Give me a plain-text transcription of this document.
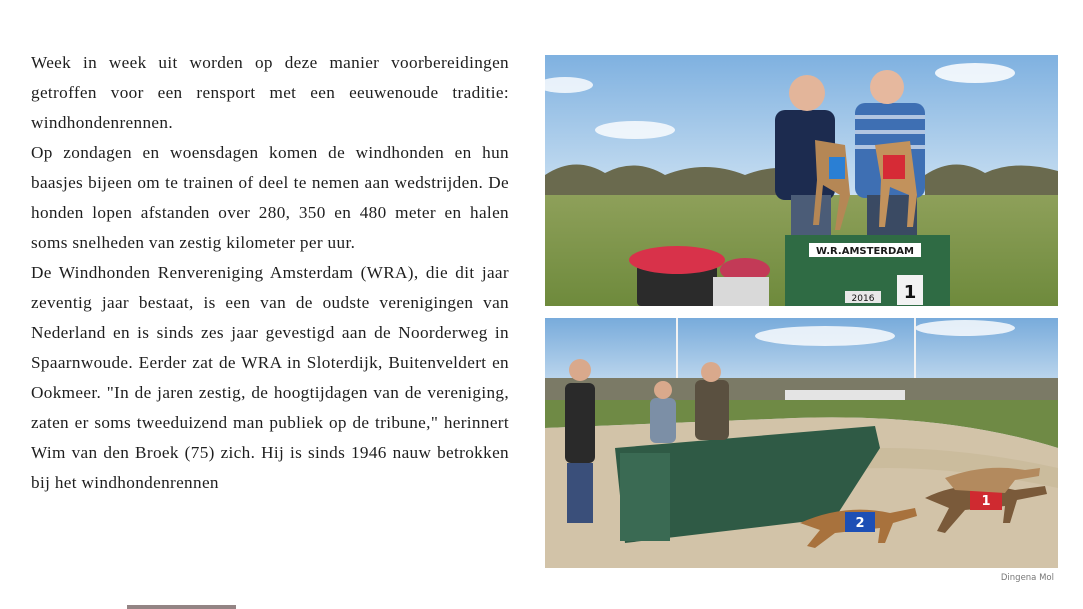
Week in week uit worden op deze manier voorbereidingen getroffen voor een rensport met een eeuwenoude traditie: windhondenrennen.

Op zondagen en woensdagen komen de windhonden en hun baasjes bijeen om te trainen of deel te nemen aan wedstrijden. De honden lopen afstanden over 280, 350 en 480 meter en halen soms snelheden van zestig kilometer per uur.

De Windhonden Renvereniging Amsterdam (WRA), die dit jaar zeventig jaar bestaat, is een van de oudste verenigingen van Nederland en is sinds zes jaar gevestigd aan de Noorderweg in Spaarnwoude. Eerder zat de WRA in Sloterdijk, Buitenveldert en Ookmeer. "In de jaren zestig, de hoogtijdagen van de vereniging, zaten er soms tweeduizend man publiek op de tribune," herinnert Wim van den Broek (75) zich. Hij is sinds 1946 nauw betrokken bij het windhondenrennen

W.R.AMSTERDAM
1
2016
2
1
Dingena Mol
